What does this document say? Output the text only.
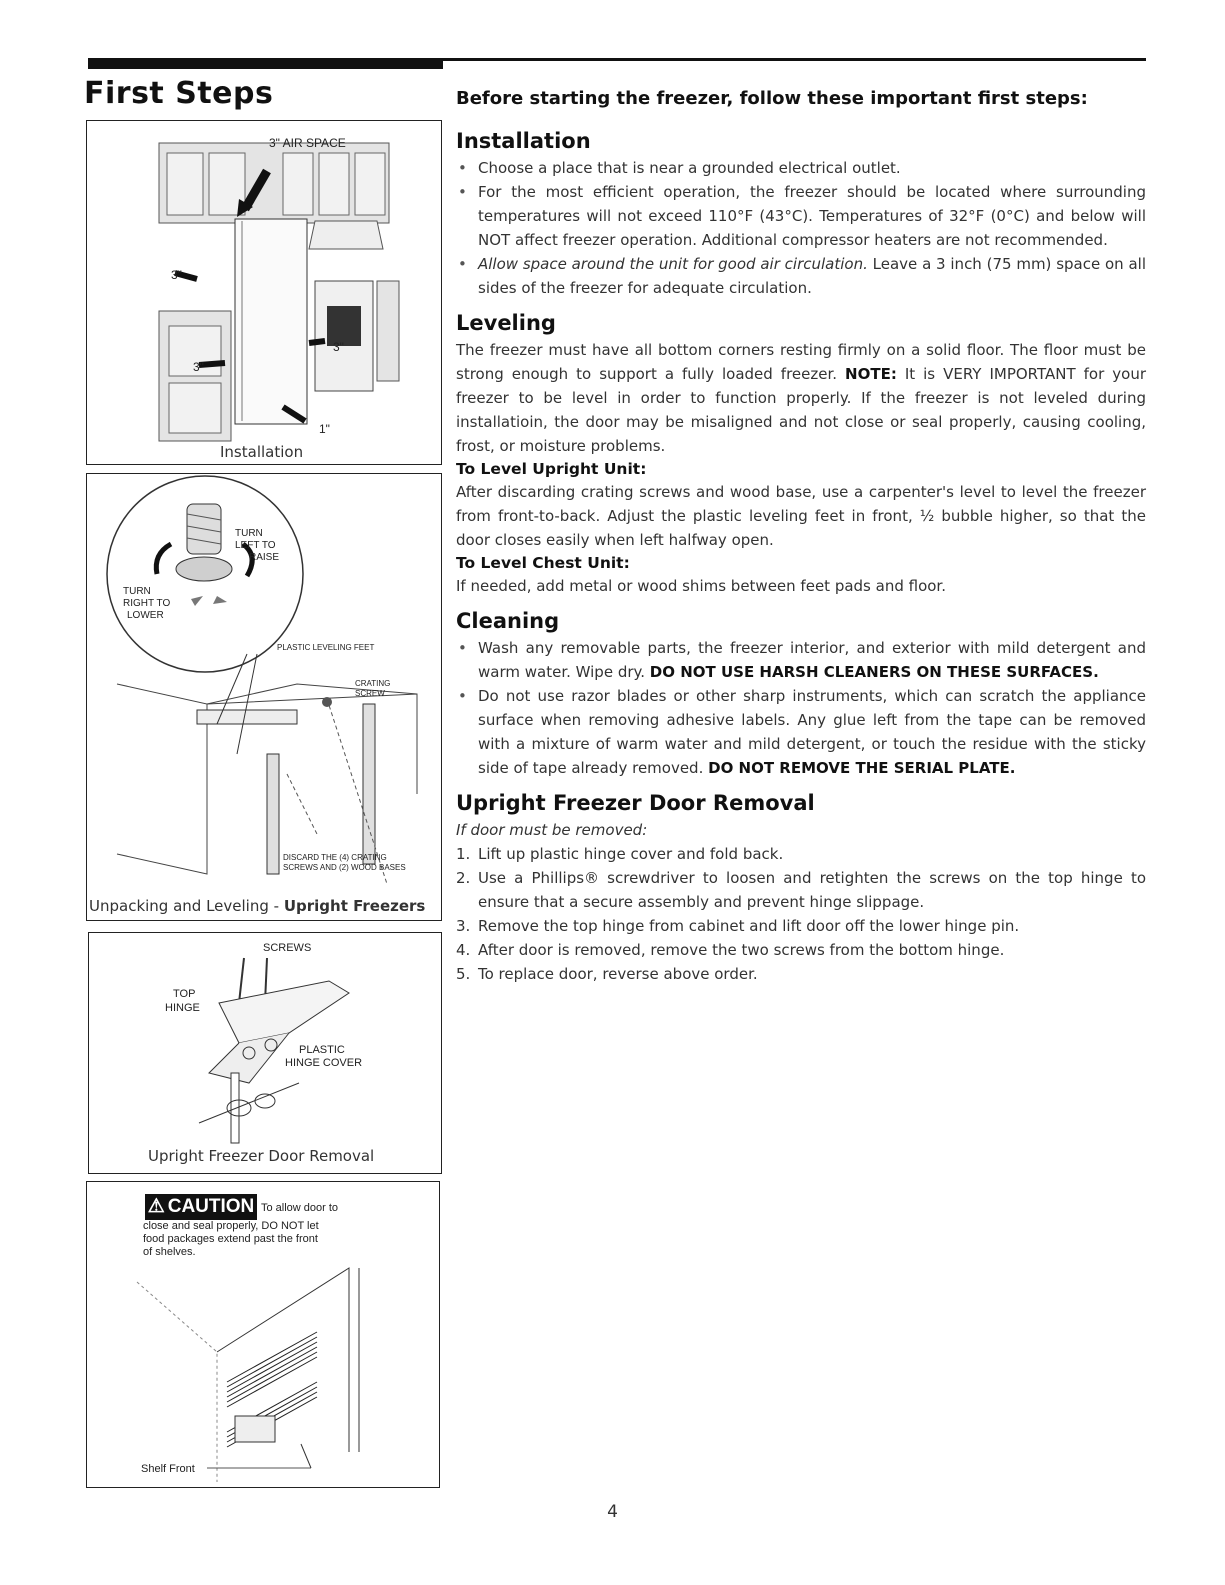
First Steps	Before starting the freezer, follow these important first steps:
3" AIR SPACE
3"
3"
3"
1"
Installation
TURN
LEFT TO
RAISE
TURN
RIGHT TO
LOWER
PLASTIC LEVELING FEET
CRATING
SCREW
DISCARD THE (4) CRATING
SCREWS AND (2) WOOD BASES
Unpacking and Leveling - Upright Freezers
SCREWS
TOP
HINGE
PLASTIC
HINGE COVER
Upright Freezer Door Removal
⚠ CAUTION To allow door to
close and seal properly, DO NOT let
food packages extend past the front
of shelves.
Shelf Front
Installation
• Choose a place that is near a grounded electrical outlet.
• For the most efficient operation, the freezer should be located where surrounding temperatures will not exceed 110°F (43°C). Temperatures of 32°F (0°C) and below will NOT affect freezer operation. Additional compressor heaters are not recommended.
• Allow space around the unit for good air circulation. Leave a 3 inch (75 mm) space on all sides of the freezer for adequate circulation.
Leveling

The freezer must have all bottom corners resting firmly on a solid floor. The floor must be strong enough to support a fully loaded freezer. NOTE: It is VERY IMPORTANT for your freezer to be level in order to function properly. If the freezer is not leveled during installatioin, the door may be misaligned and not close or seal properly, causing cooling, frost, or moisture problems.

To Level Upright Unit:

After discarding crating screws and wood base, use a carpenter's level to level the freezer from front-to-back. Adjust the plastic leveling feet in front, ½ bubble higher, so that the door closes easily when left halfway open.

To Level Chest Unit:

If needed, add metal or wood shims between feet pads and floor.

Cleaning
• Wash any removable parts, the freezer interior, and exterior with mild detergent and warm water. Wipe dry. DO NOT USE HARSH CLEANERS ON THESE SURFACES.
• Do not use razor blades or other sharp instruments, which can scratch the appliance surface when removing adhesive labels. Any glue left from the tape can be removed with a mixture of warm water and mild detergent, or touch the residue with the sticky side of tape already removed. DO NOT REMOVE THE SERIAL PLATE.
Upright Freezer Door Removal

If door must be removed:

1. Lift up plastic hinge cover and fold back.
2. Use a Phillips® screwdriver to loosen and retighten the screws on the top hinge to ensure that a secure assembly and prevent hinge slippage.
3. Remove the top hinge from cabinet and lift door off the lower hinge pin.
4. After door is removed, remove the two screws from the bottom hinge.
5. To replace door, reverse above order.
4
